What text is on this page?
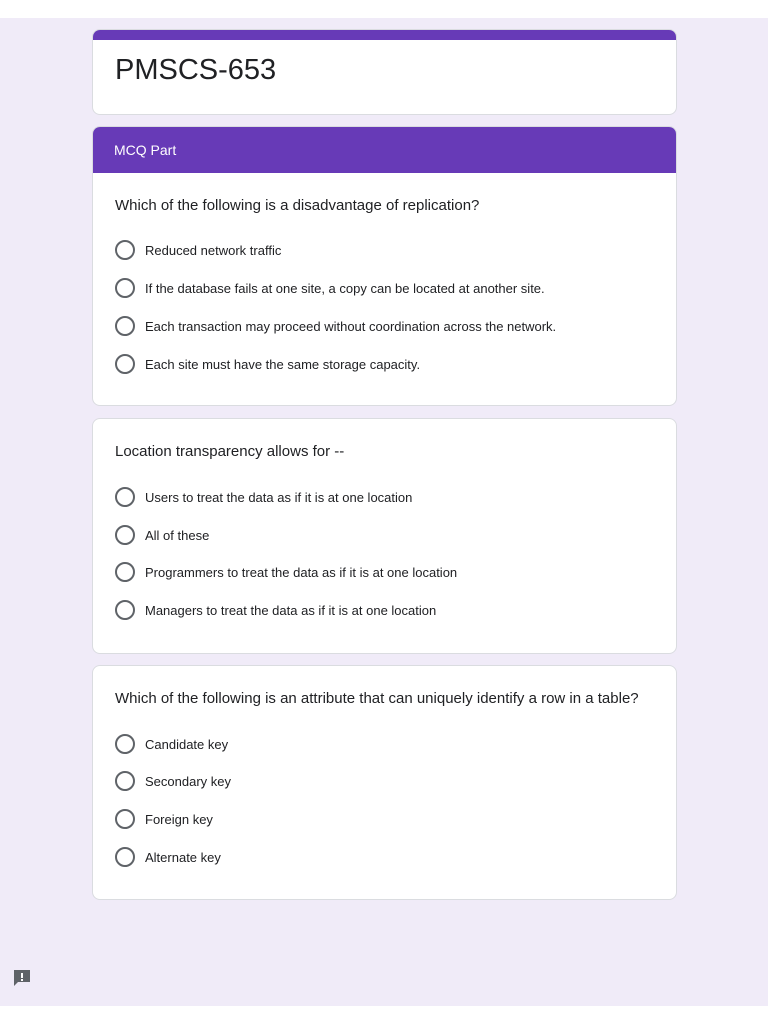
PMSCS-653
MCQ Part

Which of the following is a disadvantage of replication?

Reduced network traffic
If the database fails at one site, a copy can be located at another site.
Each transaction may proceed without coordination across the network.
Each site must have the same storage capacity.

Location transparency allows for --

Users to treat the data as if it is at one location
All of these
Programmers to treat the data as if it is at one location
Managers to treat the data as if it is at one location

Which of the following is an attribute that can uniquely identify a row in a table?

Candidate key
Secondary key
Foreign key
Alternate key
